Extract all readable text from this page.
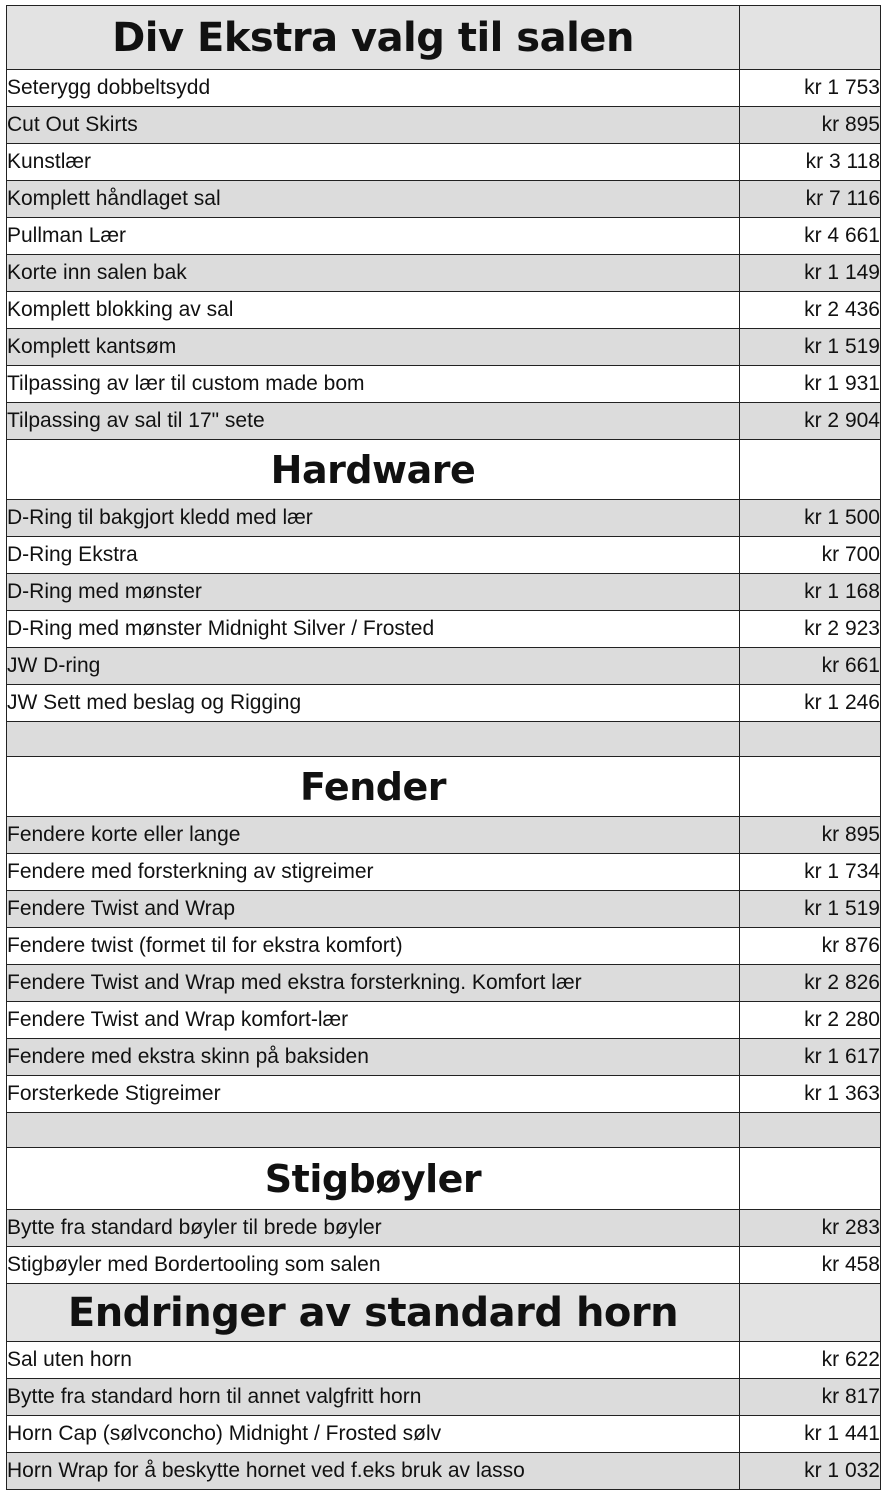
Div Ekstra valg til salen	
Seterygg dobbeltsydd	kr 1 753
Cut Out Skirts	kr 895
Kunstlær	kr 3 118
Komplett håndlaget sal	kr 7 116
Pullman Lær	kr 4 661
Korte inn salen bak	kr 1 149
Komplett blokking av sal	kr 2 436
Komplett kantsøm	kr 1 519
Tilpassing av lær til custom made bom	kr 1 931
Tilpassing av sal til 17" sete	kr 2 904
Hardware	
D-Ring til bakgjort kledd med lær	kr 1 500
D-Ring Ekstra	kr 700
D-Ring med mønster	kr 1 168
D-Ring med mønster Midnight Silver / Frosted	kr 2 923
JW D-ring	kr 661
JW Sett med beslag og Rigging	kr 1 246

Fender	
Fendere korte eller lange	kr 895
Fendere med forsterkning av stigreimer	kr 1 734
Fendere Twist and Wrap	kr 1 519
Fendere twist (formet til for ekstra komfort)	kr 876
Fendere Twist and Wrap med ekstra forsterkning. Komfort lær	kr 2 826
Fendere Twist and Wrap komfort-lær	kr 2 280
Fendere med ekstra skinn på baksiden	kr 1 617
Forsterkede Stigreimer	kr 1 363

Stigbøyler	
Bytte fra standard bøyler til brede bøyler	kr 283
Stigbøyler med Bordertooling som salen	kr 458
Endringer av standard horn	
Sal uten horn	kr 622
Bytte fra standard horn til annet valgfritt horn	kr 817
Horn Cap (sølvconcho) Midnight / Frosted sølv	kr 1 441
Horn Wrap for å beskytte hornet ved f.eks bruk av lasso	kr 1 032
